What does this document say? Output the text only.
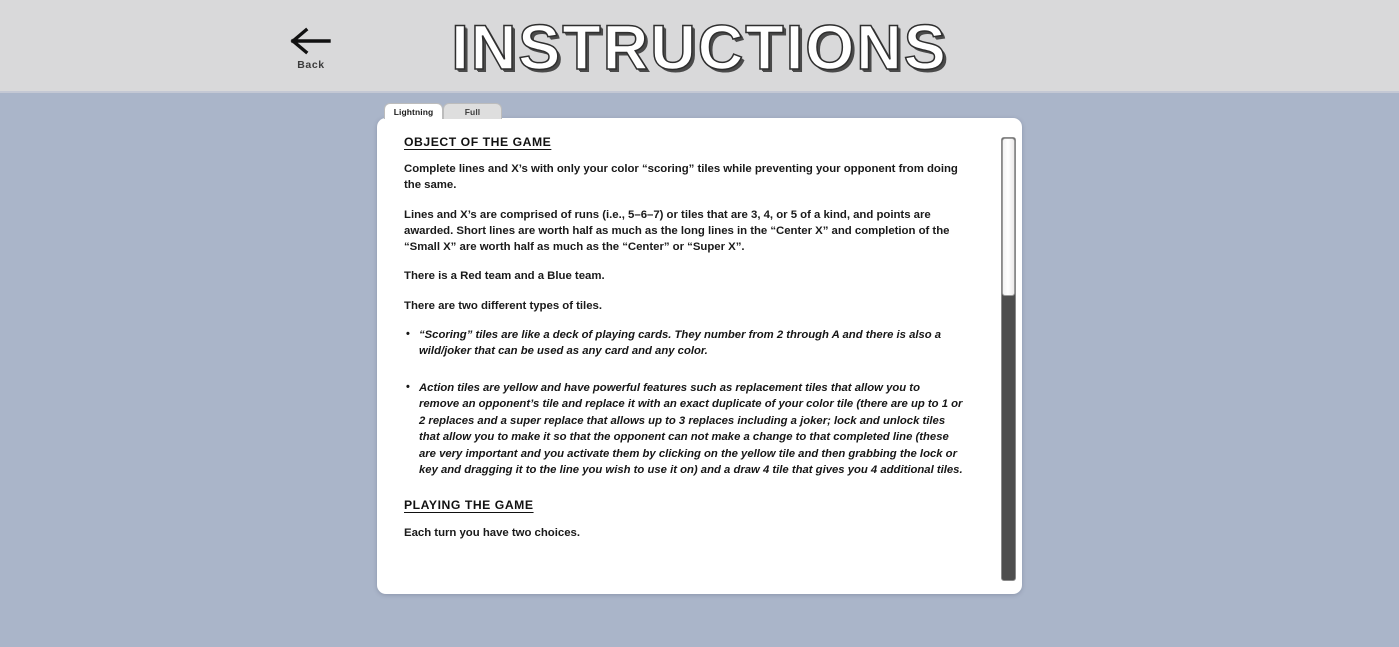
Back	INSTRUCTIONS
Lightning	Full
OBJECT OF THE GAME

Complete lines and X’s with only your color “scoring” tiles while preventing your opponent from doing the same.

Lines and X’s are comprised of runs (i.e., 5–6–7) or tiles that are 3, 4, or 5 of a kind, and points are awarded. Short lines are worth half as much as the long lines in the “Center X” and completion of the “Small X” are worth half as much as the “Center” or “Super X”.

There is a Red team and a Blue team.

There are two different types of tiles.

• “Scoring” tiles are like a deck of playing cards. They number from 2 through A and there is also a wild/joker that can be used as any card and any color.
• Action tiles are yellow and have powerful features such as replacement tiles that allow you to remove an opponent’s tile and replace it with an exact duplicate of your color tile (there are up to 1 or 2 replaces and a super replace that allows up to 3 replaces including a joker; lock and unlock tiles that allow you to make it so that the opponent can not make a change to that completed line (these are very important and you activate them by clicking on the yellow tile and then grabbing the lock or key and dragging it to the line you wish to use it on) and a draw 4 tile that gives you 4 additional tiles.
PLAYING THE GAME

Each turn you have two choices.
